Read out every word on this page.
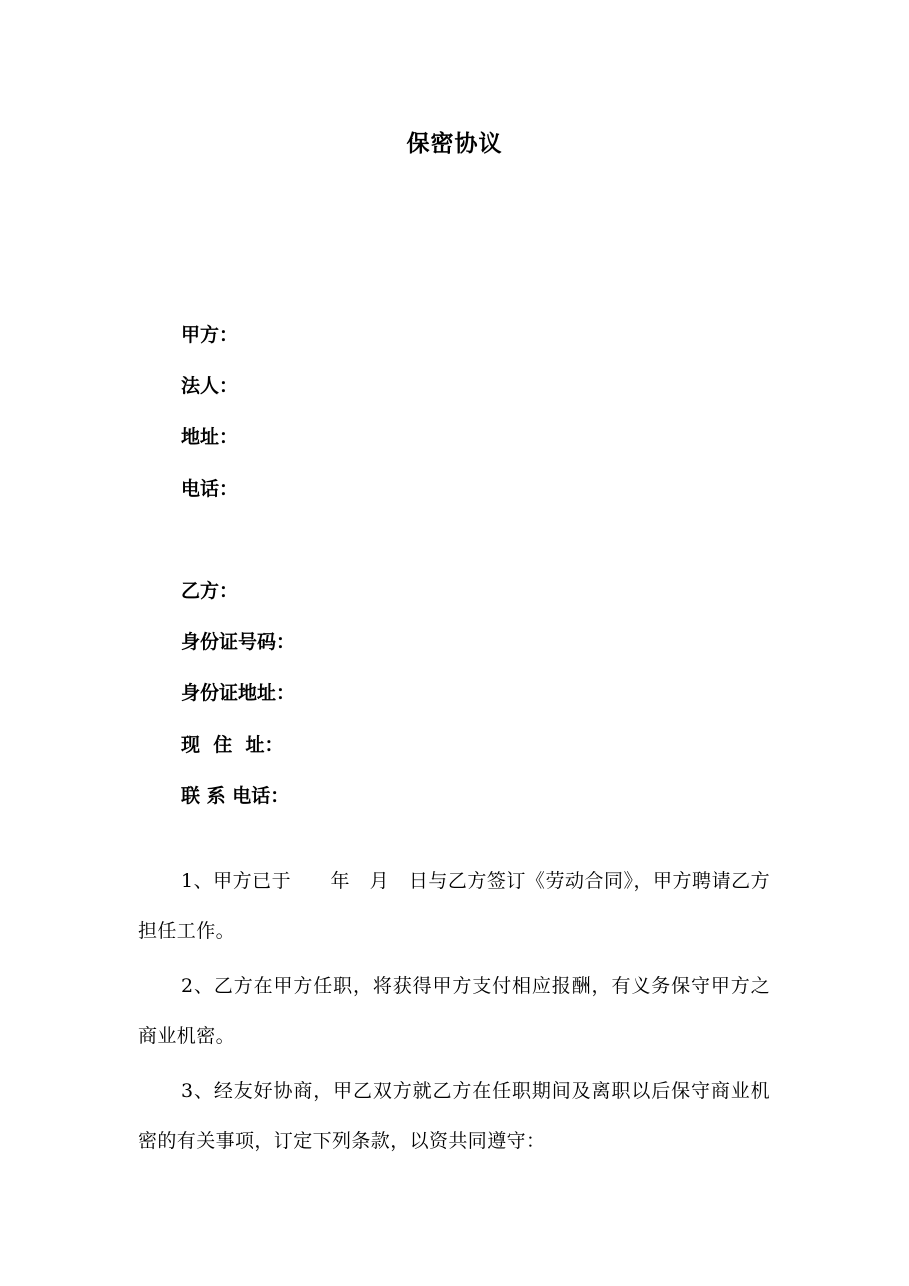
保密协议
甲方：
法人：
地址：
电话：
乙方：
身份证号码：
身份证地址：
现  住  址：
联 系 电话：
1、甲方已于      年   月   日与乙方签订《劳动合同》，甲方聘请乙方担任工作。
2、乙方在甲方任职，将获得甲方支付相应报酬，有义务保守甲方之商业机密。
3、经友好协商，甲乙双方就乙方在任职期间及离职以后保守商业机密的有关事项，订定下列条款，以资共同遵守：
